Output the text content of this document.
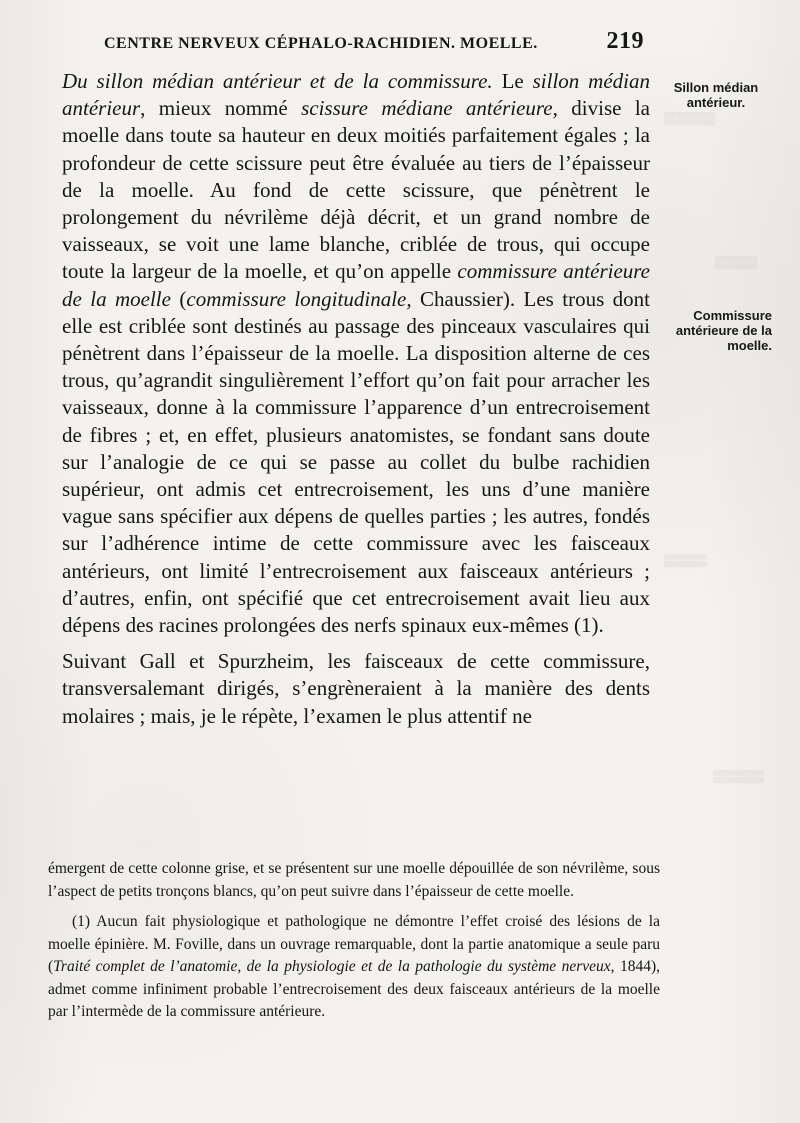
CENTRE NERVEUX CÉPHALO-RACHIDIEN. MOELLE.	219

Du sillon médian antérieur et de la commissure. Le sillon médian antérieur, mieux nommé scissure médiane antérieure, divise la moelle dans toute sa hauteur en deux moitiés parfaitement égales ; la profondeur de cette scissure peut être évaluée au tiers de l’épaisseur de la moelle. Au fond de cette scissure, que pénètrent le prolongement du névrilème déjà décrit, et un grand nombre de vaisseaux, se voit une lame blanche, criblée de trous, qui occupe toute la largeur de la moelle, et qu’on appelle commissure antérieure de la moelle (commissure longitudinale, Chaussier). Les trous dont elle est criblée sont destinés au passage des pinceaux vasculaires qui pénètrent dans l’épaisseur de la moelle. La disposition alterne de ces trous, qu’agrandit singulièrement l’effort qu’on fait pour arracher les vaisseaux, donne à la commissure l’apparence d’un entrecroisement de fibres ; et, en effet, plusieurs anatomistes, se fondant sans doute sur l’analogie de ce qui se passe au collet du bulbe rachidien supérieur, ont admis cet entrecroisement, les uns d’une manière vague sans spécifier aux dépens de quelles parties ; les autres, fondés sur l’adhérence intime de cette commissure avec les faisceaux antérieurs, ont limité l’entrecroisement aux faisceaux antérieurs ; d’autres, enfin, ont spécifié que cet entrecroisement avait lieu aux dépens des racines prolongées des nerfs spinaux eux-mêmes (1).

Suivant Gall et Spurzheim, les faisceaux de cette commissure, transversalemant dirigés, s’engrèneraient à la manière des dents molaires ; mais, je le répète, l’examen le plus attentif ne

Sillon médian antérieur.
Commissure antérieure de la moelle.
▒▒▒▒▒▒
▒▒▒▒▒
▒▒▒▒▒
▒▒▒▒▒▒

émergent de cette colonne grise, et se présentent sur une moelle dépouillée de son névrilème, sous l’aspect de petits tronçons blancs, qu’on peut suivre dans l’épaisseur de cette moelle.

(1) Aucun fait physiologique et pathologique ne démontre l’effet croisé des lésions de la moelle épinière. M. Foville, dans un ouvrage remarquable, dont la partie anatomique a seule paru (Traité complet de l’anatomie, de la physiologie et de la pathologie du système nerveux, 1844), admet comme infiniment probable l’entrecroisement des deux faisceaux antérieurs de la moelle par l’intermède de la commissure antérieure.
